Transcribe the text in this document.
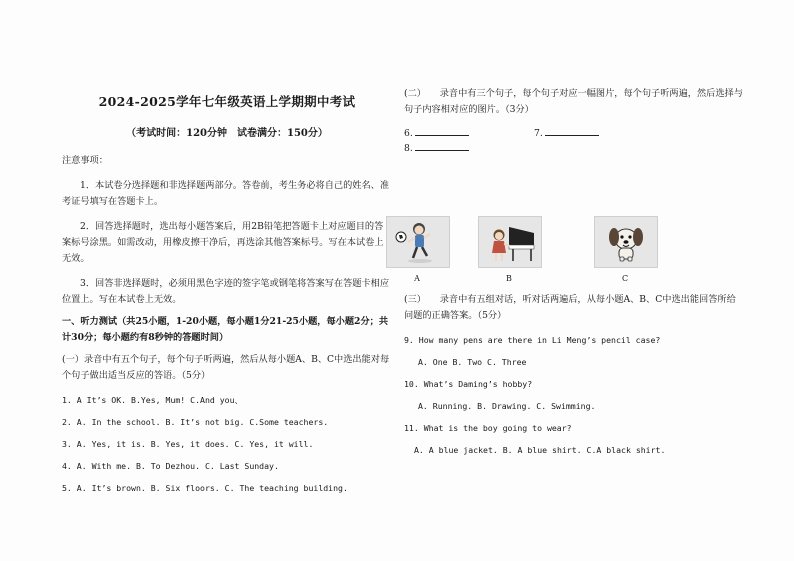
2024-2025学年七年级英语上学期期中考试
（考试时间：120分钟　试卷满分：150分）

注意事项：

1．本试卷分选择题和非选择题两部分。答卷前，考生务必将自己的姓名、准考证号填写在答题卡上。

2．回答选择题时，选出每小题答案后，用2B铅笔把答题卡上对应题目的答案标号涂黑。如需改动，用橡皮擦干净后，再选涂其他答案标号。写在本试卷上无效。

3．回答非选择题时，必须用黑色字迹的签字笔或钢笔将答案写在答题卡相应位置上。写在本试卷上无效。

一、听力测试（共25小题，1-20小题，每小题1分21-25小题，每小题2分；共计30分；每小题约有8秒钟的答题时间）

(一）录音中有五个句子，每个句子听两遍，然后从每小题A、B、C中选出能对每个句子做出适当反应的答语。（5分）

1. A It’s OK. B.Yes, Mum! C.And you、

2. A. In the school. B. It’s not big. C.Some teachers.

3. A. Yes, it is. B. Yes, it does. C. Yes, it will.

4. A. With me. B. To Dezhou. C. Last Sunday.

5. A. It’s brown. B. Six floors. C. The teaching building.

(二）　　录音中有三个句子，每个句子对应一幅图片，每个句子听两遍，然后选择与句子内容相对应的图片。（3分）

6.	7.
8.
A	B	C

(三）　　录音中有五组对话，听对话两遍后，从每小题A、B、C中选出能回答所给问题的正确答案。（5分）

9. How many pens are there in Li Meng’s pencil case?

A. One B. Two C. Three

10. What’s Daming’s hobby?

A. Running. B. Drawing. C. Swimming.

11. What is the boy going to wear?

A. A blue jacket. B. A blue shirt. C.A black shirt.
